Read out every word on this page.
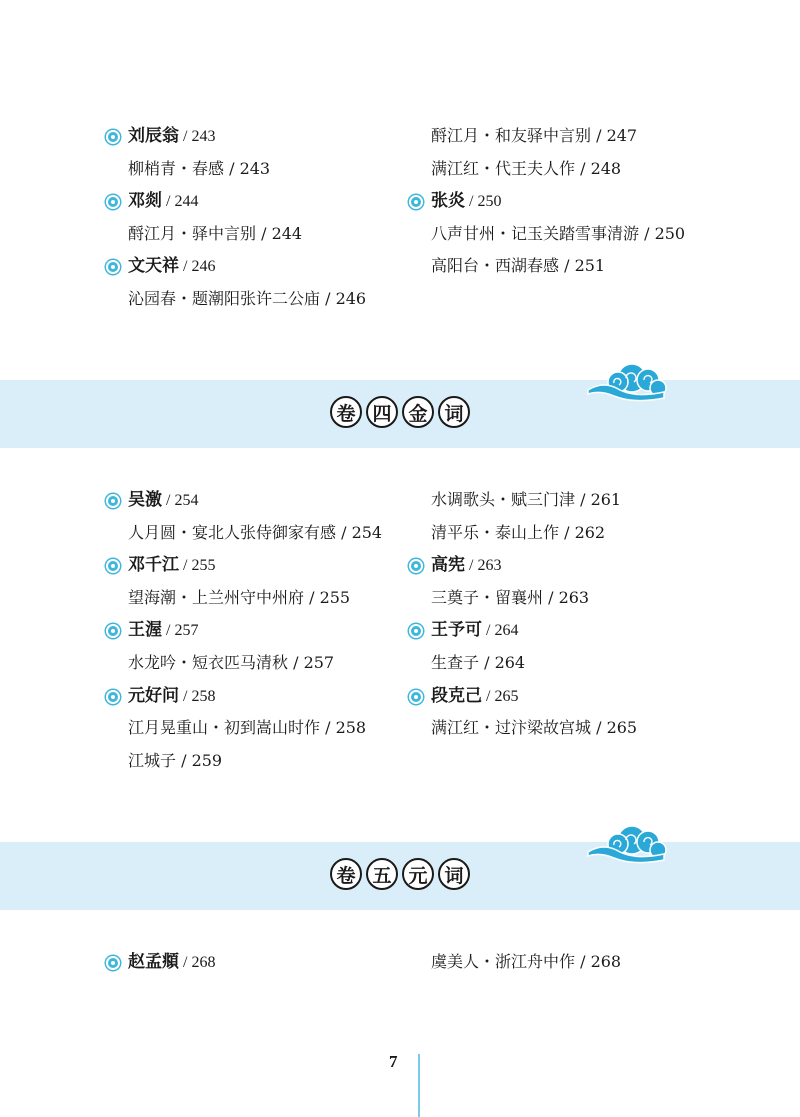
刘辰翁 / 243
柳梢青・春感 / 243
邓剡 / 244
酹江月・驿中言别 / 244
文天祥 / 246
沁园春・题潮阳张许二公庙 / 246
酹江月・和友驿中言别 / 247
满江红・代王夫人作 / 248
张炎 / 250
八声甘州・记玉关踏雪事清游 / 250
高阳台・西湖春感 / 251
卷 四 金 词
吴激 / 254
人月圆・宴北人张侍御家有感 / 254
邓千江 / 255
望海潮・上兰州守中州府 / 255
王渥 / 257
水龙吟・短衣匹马清秋 / 257
元好问 / 258
江月晃重山・初到嵩山时作 / 258
江城子 / 259
水调歌头・赋三门津 / 261
清平乐・泰山上作 / 262
高宪 / 263
三奠子・留襄州 / 263
王予可 / 264
生查子 / 264
段克己 / 265
满江红・过汴梁故宫城 / 265
卷 五 元 词
赵孟頫 / 268	虞美人・浙江舟中作 / 268
7
